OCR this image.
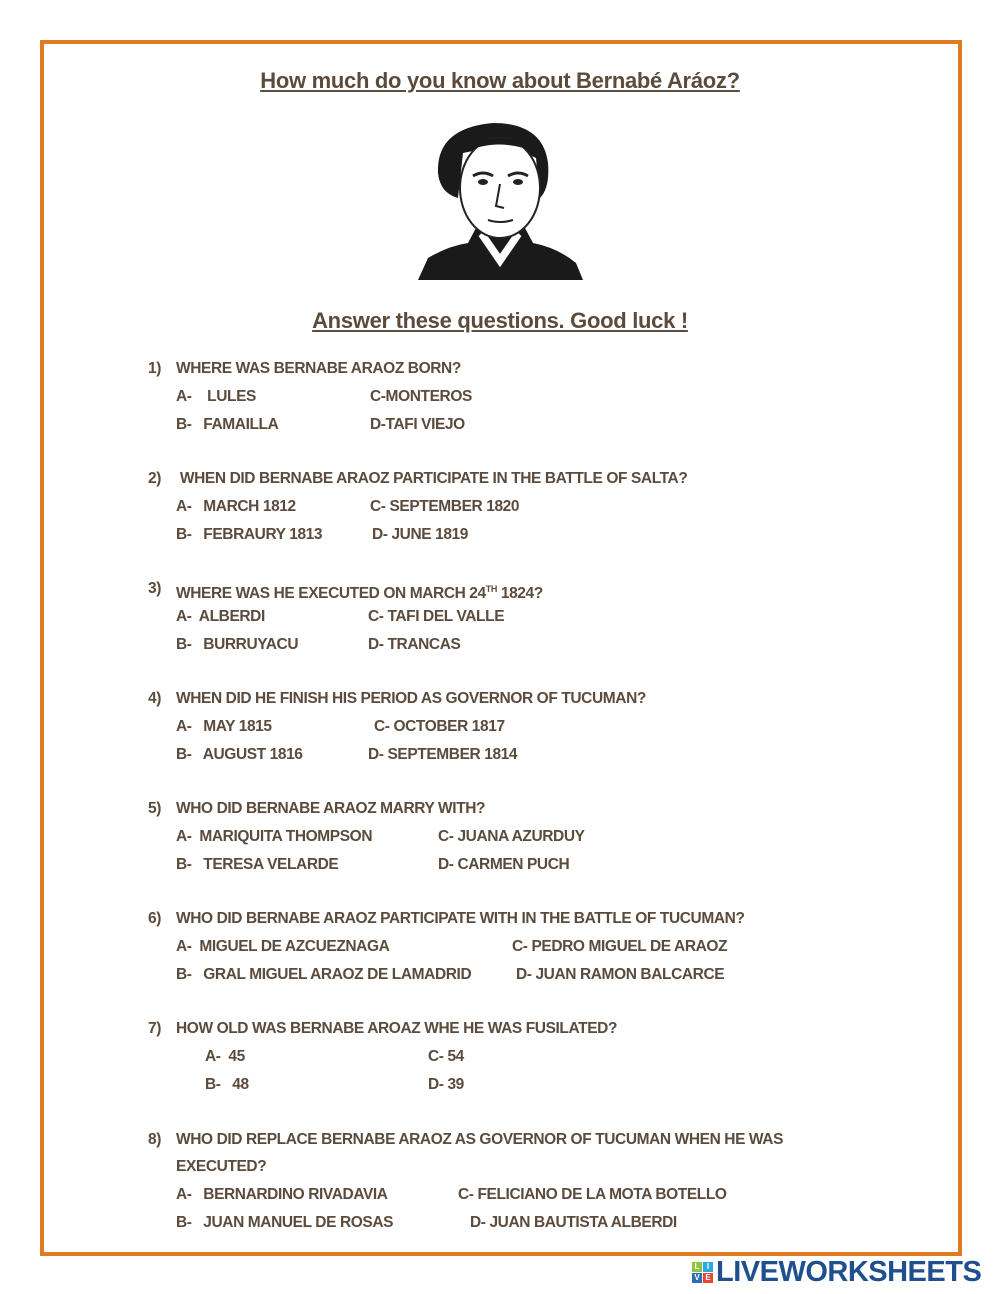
How much do you know about Bernabé Aráoz?
Answer these questions. Good luck !
1) WHERE WAS BERNABE ARAOZ BORN?
A-    LULES	C-MONTEROS
B-   FAMAILLA	D-TAFI VIEJO
2) WHEN DID BERNABE ARAOZ PARTICIPATE IN THE BATTLE OF SALTA?
A-   MARCH 1812	C- SEPTEMBER 1820
B-   FEBRAURY 1813	D- JUNE 1819
3) WHERE WAS HE EXECUTED ON MARCH 24TH 1824?
A-  ALBERDI	C- TAFI DEL VALLE
B-   BURRUYACU	D- TRANCAS
4) WHEN DID HE FINISH HIS PERIOD AS GOVERNOR OF TUCUMAN?
A-   MAY 1815	C- OCTOBER 1817
B-   AUGUST 1816	D- SEPTEMBER 1814
5) WHO DID BERNABE ARAOZ MARRY WITH?
A-  MARIQUITA THOMPSON	C- JUANA AZURDUY
B-   TERESA VELARDE	D- CARMEN PUCH
6) WHO DID BERNABE ARAOZ PARTICIPATE WITH IN THE BATTLE OF TUCUMAN?
A-  MIGUEL DE AZCUEZNAGA	C- PEDRO MIGUEL DE ARAOZ
B-   GRAL MIGUEL ARAOZ DE LAMADRID	D- JUAN RAMON BALCARCE
7) HOW OLD WAS BERNABE AROAZ WHE HE WAS FUSILATED?
A-  45	C- 54
B-   48	D- 39
8) WHO DID REPLACE BERNABE ARAOZ AS GOVERNOR OF TUCUMAN WHEN HE WAS
EXECUTED?
A-   BERNARDINO RIVADAVIA	C- FELICIANO DE LA MOTA BOTELLO
B-   JUAN MANUEL DE ROSAS	D- JUAN BAUTISTA ALBERDI
L I
V E LIVEWORKSHEETS
